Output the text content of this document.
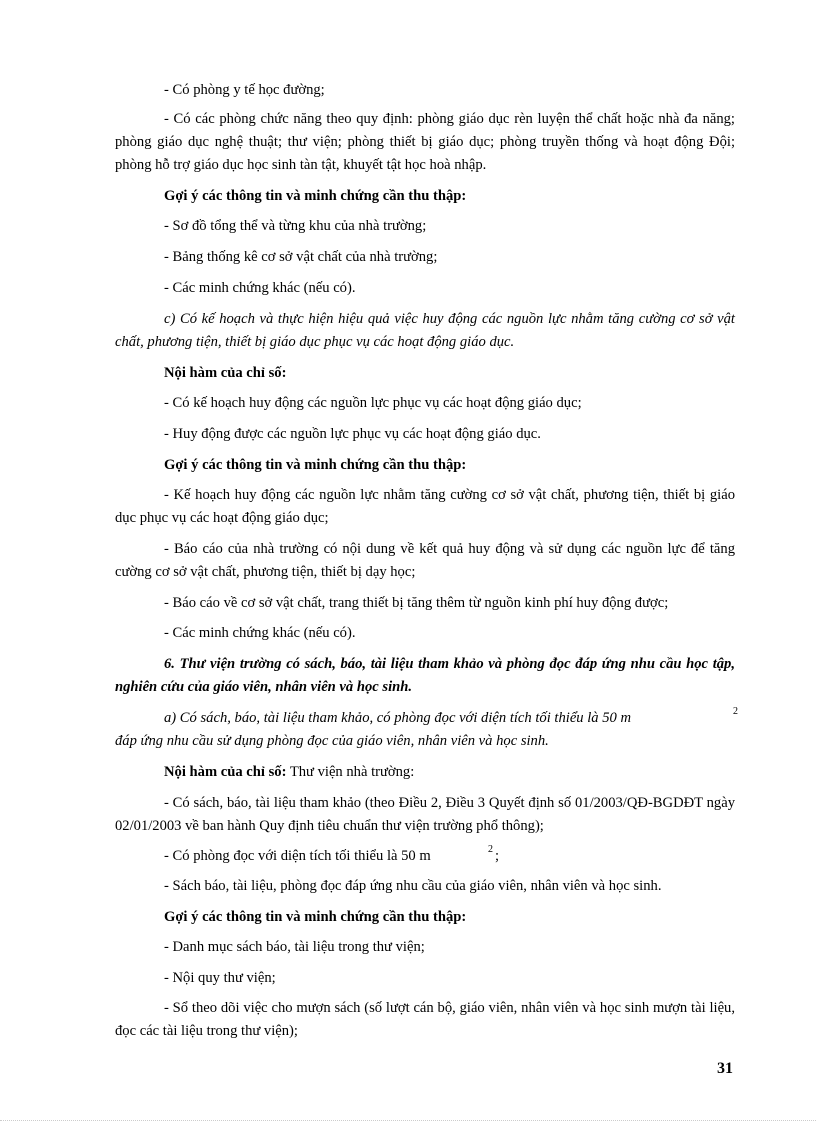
- Có phòng y tế học đường;

- Có các phòng chức năng theo quy định: phòng giáo dục rèn luyện thể chất hoặc nhà đa năng; phòng giáo dục nghệ thuật; thư viện; phòng thiết bị giáo dục; phòng truyền thống và hoạt động Đội; phòng hỗ trợ giáo dục học sinh tàn tật, khuyết tật học hoà nhập.

Gợi ý các thông tin và minh chứng cần thu thập:

- Sơ đồ tổng thể và từng khu của nhà trường;

- Bảng thống kê cơ sở vật chất của nhà trường;

- Các minh chứng khác (nếu có).

c) Có kế hoạch và thực hiện hiệu quả việc huy động các nguồn lực nhằm tăng cường cơ sở vật chất, phương tiện, thiết bị giáo dục phục vụ các hoạt động giáo dục.

Nội hàm của chỉ số:

- Có kế hoạch huy động các nguồn lực phục vụ các hoạt động giáo dục;

- Huy động được các nguồn lực phục vụ các hoạt động giáo dục.

Gợi ý các thông tin và minh chứng cần thu thập:

- Kế hoạch huy động các nguồn lực nhằm tăng cường cơ sở vật chất, phương tiện, thiết bị giáo dục phục vụ các hoạt động giáo dục;

- Báo cáo của nhà trường có nội dung về kết quả huy động và sử dụng các nguồn lực để tăng cường cơ sở vật chất, phương tiện, thiết bị dạy học;

- Báo cáo về cơ sở vật chất, trang thiết bị tăng thêm từ nguồn kinh phí huy động được;

- Các minh chứng khác (nếu có).

6. Thư viện trường có sách, báo, tài liệu tham khảo và phòng đọc đáp ứng nhu cầu học tập, nghiên cứu của giáo viên, nhân viên và học sinh.

a) Có sách, báo, tài liệu tham khảo, có phòng đọc với diện tích tối thiểu là 50 m	2

đáp ứng nhu cầu sử dụng phòng đọc của giáo viên, nhân viên và học sinh.

Nội hàm của chỉ số: Thư viện nhà trường:

- Có sách, báo, tài liệu tham khảo (theo Điều 2, Điều 3 Quyết định số 01/2003/QĐ-BGDĐT ngày 02/01/2003 về ban hành Quy định tiêu chuẩn thư viện trường phổ thông);

- Có phòng đọc với diện tích tối thiểu là 50 m	2 ;

- Sách báo, tài liệu, phòng đọc đáp ứng nhu cầu của giáo viên, nhân viên và học sinh.

Gợi ý các thông tin và minh chứng cần thu thập:

- Danh mục sách báo, tài liệu trong thư viện;

- Nội quy thư viện;

- Sổ theo dõi việc cho mượn sách (số lượt cán bộ, giáo viên, nhân viên và học sinh mượn tài liệu, đọc các tài liệu trong thư viện);

31
